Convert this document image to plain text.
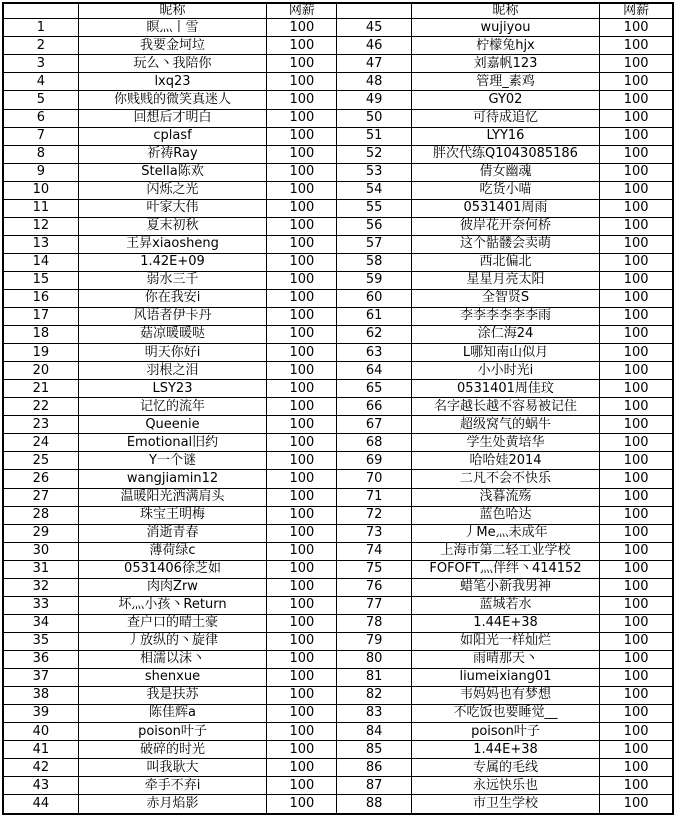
	昵称	网薪		昵称	网薪
1	瞑灬丨雪	100	45	wujiyou	100
2	我要金坷垃	100	46	柠檬兔hjx	100
3	玩么丶我陪你	100	47	刘嘉帆123	100
4	lxq23	100	48	管理_素鸡	100
5	你贱贱的微笑真迷人	100	49	GY02	100
6	回想后才明白	100	50	可待成追忆	100
7	cplasf	100	51	LYY16	100
8	祈祷Ray	100	52	胖次代练Q1043085186	100
9	Stella陈欢	100	53	倩女幽魂	100
10	闪烁之光	100	54	吃货小喵	100
11	叶家大伟	100	55	0531401周雨	100
12	夏末初秋	100	56	彼岸花开奈何桥	100
13	王昇xiaosheng	100	57	这个骷髅会卖萌	100
14	1.42E+09	100	58	西北偏北	100
15	弱水三千	100	59	星星月亮太阳	100
16	你在我安i	100	60	全智贤S	100
17	风语者伊卡丹	100	61	李李李李李李雨	100
18	菇凉暖暖哒	100	62	涂仁海24	100
19	明天你好i	100	63	L哪知南山似月	100
20	羽根之泪	100	64	小小时光i	100
21	LSY23	100	65	0531401周佳玟	100
22	记忆的流年	100	66	名字越长越不容易被记住	100
23	Queenie	100	67	超级窝气的蜗牛	100
24	Emotional旧约	100	68	学生处黄培华	100
25	Y一个谜	100	69	哈哈娃2014	100
26	wangjiamin12	100	70	二凡不会不快乐	100
27	温暖阳光洒满肩头	100	71	浅暮流殇	100
28	珠宝王明梅	100	72	蓝色哈达	100
29	消逝青春	100	73	丿Me灬未成年	100
30	薄荷绿c	100	74	上海市第二轻工业学校	100
31	0531406徐芝如	100	75	FOFOFT灬伴绊丶414152	100
32	肉肉Zrw	100	76	蜡笔小新我男神	100
33	坏灬小孩丶Return	100	77	蓝城若水	100
34	查户口的晴土豪	100	78	1.44E+38	100
35	丿放纵的丶旋律	100	79	如阳光一样灿烂	100
36	相濡以沫丶	100	80	雨晴那天丶	100
37	shenxue	100	81	liumeixiang01	100
38	我是扶苏	100	82	韦妈妈也有梦想	100
39	陈佳辉a	100	83	不吃饭也要睡觉__	100
40	poison叶子	100	84	poison叶子	100
41	破碎的时光	100	85	1.44E+38	100
42	叫我耿大	100	86	专属的毛线	100
43	牵手不弃i	100	87	永远快乐也	100
44	赤月焰影	100	88	市卫生学校	100
